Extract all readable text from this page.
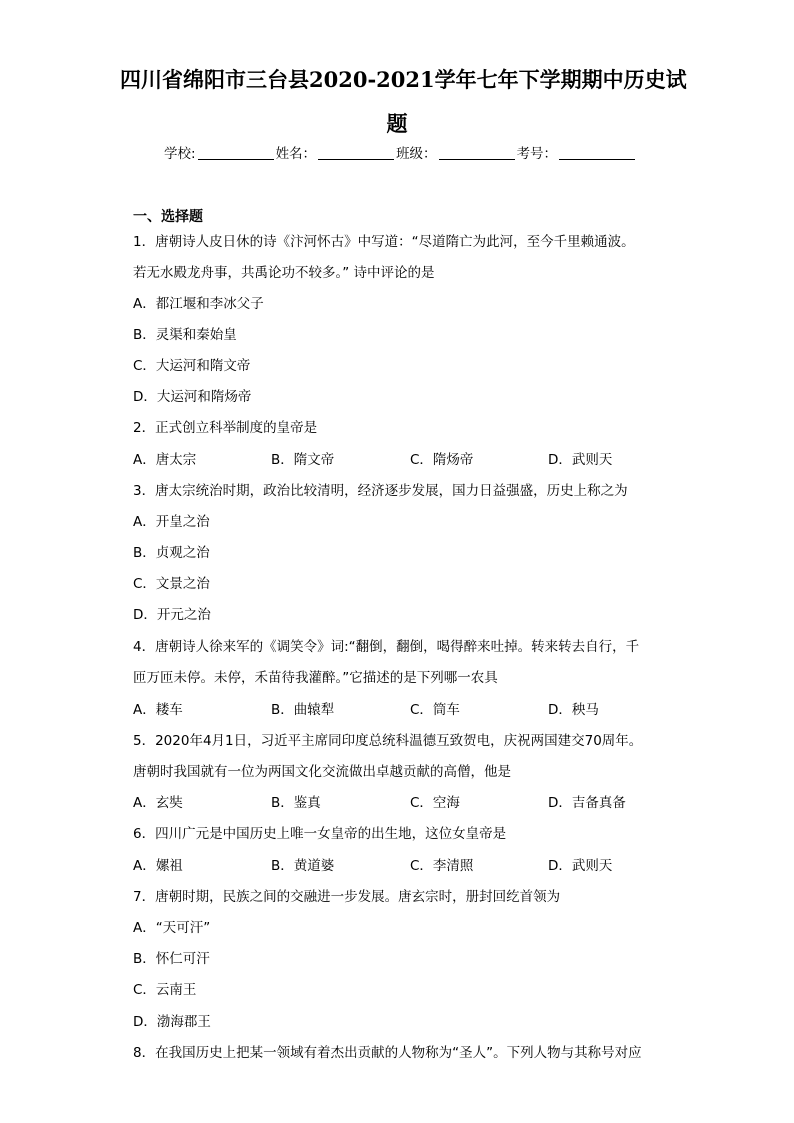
四川省绵阳市三台县2020-2021学年七年下学期期中历史试
题
学校:	姓名：	班级：	考号：
一、选择题
1．唐朝诗人皮日休的诗《汴河怀古》中写道：“尽道隋亡为此河，至今千里赖通波。
若无水殿龙舟事，共禹论功不较多。” 诗中评论的是
A．都江堰和李冰父子
B．灵渠和秦始皇
C．大运河和隋文帝
D．大运河和隋炀帝
2．正式创立科举制度的皇帝是
A．唐太宗	B．隋文帝	C．隋炀帝	D．武则天
3．唐太宗统治时期，政治比较清明，经济逐步发展，国力日益强盛，历史上称之为
A．开皇之治
B．贞观之治
C．文景之治
D．开元之治
4．唐朝诗人徐来军的《调笑令》词:“翻倒，翻倒，喝得醉来吐掉。转来转去自行，千
匝万匝未停。未停，禾苗待我灌醉。”它描述的是下列哪一农具
A．耧车	B．曲辕犁	C．筒车	D．秧马
5．2020年4月1日，习近平主席同印度总统科温德互致贺电，庆祝两国建交70周年。
唐朝时我国就有一位为两国文化交流做出卓越贡献的高僧，他是
A．玄奘	B．鉴真	C．空海	D．吉备真备
6．四川广元是中国历史上唯一女皇帝的出生地，这位女皇帝是
A．嫘祖	B．黄道婆	C．李清照	D．武则天
7．唐朝时期，民族之间的交融进一步发展。唐玄宗时，册封回纥首领为
A．“天可汗”
B．怀仁可汗
C．云南王
D．渤海郡王
8．在我国历史上把某一领域有着杰出贡献的人物称为“圣人”。下列人物与其称号对应
